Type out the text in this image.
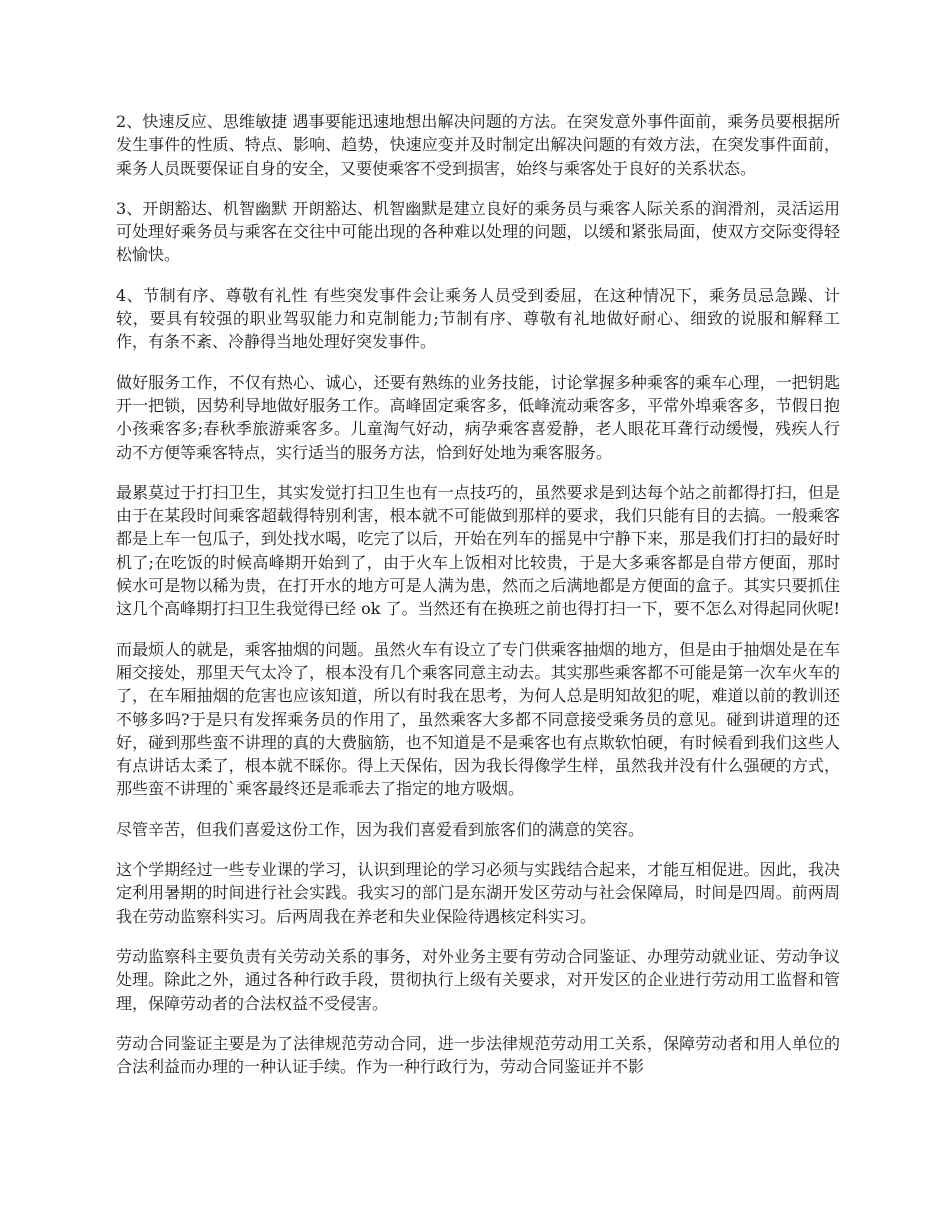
2、快速反应、思维敏捷 遇事要能迅速地想出解决问题的方法。在突发意外事件面前，乘务员要根据所发生事件的性质、特点、影响、趋势，快速应变并及时制定出解决问题的有效方法，在突发事件面前，乘务人员既要保证自身的安全，又要使乘客不受到损害，始终与乘客处于良好的关系状态。

3、开朗豁达、机智幽默 开朗豁达、机智幽默是建立良好的乘务员与乘客人际关系的润滑剂，灵活运用可处理好乘务员与乘客在交往中可能出现的各种难以处理的问题，以缓和紧张局面，使双方交际变得轻松愉快。

4、节制有序、尊敬有礼性 有些突发事件会让乘务人员受到委屈，在这种情况下，乘务员忌急躁、计较，要具有较强的职业驾驭能力和克制能力;节制有序、尊敬有礼地做好耐心、细致的说服和解释工作，有条不紊、冷静得当地处理好突发事件。

做好服务工作，不仅有热心、诚心，还要有熟练的业务技能，讨论掌握多种乘客的乘车心理，一把钥匙开一把锁，因势利导地做好服务工作。高峰固定乘客多，低峰流动乘客多，平常外埠乘客多，节假日抱小孩乘客多;春秋季旅游乘客多。儿童淘气好动，病孕乘客喜爱静，老人眼花耳聋行动缓慢，残疾人行动不方便等乘客特点，实行适当的服务方法，恰到好处地为乘客服务。

最累莫过于打扫卫生，其实发觉打扫卫生也有一点技巧的，虽然要求是到达每个站之前都得打扫，但是由于在某段时间乘客超载得特别利害，根本就不可能做到那样的要求，我们只能有目的去搞。一般乘客都是上车一包瓜子，到处找水喝，吃完了以后，开始在列车的摇晃中宁静下来，那是我们打扫的最好时机了;在吃饭的时候高峰期开始到了，由于火车上饭相对比较贵，于是大多乘客都是自带方便面，那时候水可是物以稀为贵，在打开水的地方可是人满为患，然而之后满地都是方便面的盒子。其实只要抓住这几个高峰期打扫卫生我觉得已经 ok 了。当然还有在换班之前也得打扫一下，要不怎么对得起同伙呢!

而最烦人的就是，乘客抽烟的问题。虽然火车有设立了专门供乘客抽烟的地方，但是由于抽烟处是在车厢交接处，那里天气太冷了，根本没有几个乘客同意主动去。其实那些乘客都不可能是第一次车火车的了，在车厢抽烟的危害也应该知道，所以有时我在思考，为何人总是明知故犯的呢，难道以前的教训还不够多吗?于是只有发挥乘务员的作用了，虽然乘客大多都不同意接受乘务员的意见。碰到讲道理的还好，碰到那些蛮不讲理的真的大费脑筋，也不知道是不是乘客也有点欺软怕硬，有时候看到我们这些人有点讲话太柔了，根本就不睬你。得上天保佑，因为我长得像学生样，虽然我并没有什么强硬的方式，那些蛮不讲理的`乘客最终还是乖乖去了指定的地方吸烟。

尽管辛苦，但我们喜爱这份工作，因为我们喜爱看到旅客们的满意的笑容。

这个学期经过一些专业课的学习，认识到理论的学习必须与实践结合起来，才能互相促进。因此，我决定利用暑期的时间进行社会实践。我实习的部门是东湖开发区劳动与社会保障局，时间是四周。前两周我在劳动监察科实习。后两周我在养老和失业保险待遇核定科实习。

劳动监察科主要负责有关劳动关系的事务，对外业务主要有劳动合同鉴证、办理劳动就业证、劳动争议处理。除此之外，通过各种行政手段，贯彻执行上级有关要求，对开发区的企业进行劳动用工监督和管理，保障劳动者的合法权益不受侵害。

劳动合同鉴证主要是为了法律规范劳动合同，进一步法律规范劳动用工关系，保障劳动者和用人单位的合法利益而办理的一种认证手续。作为一种行政行为，劳动合同鉴证并不影
